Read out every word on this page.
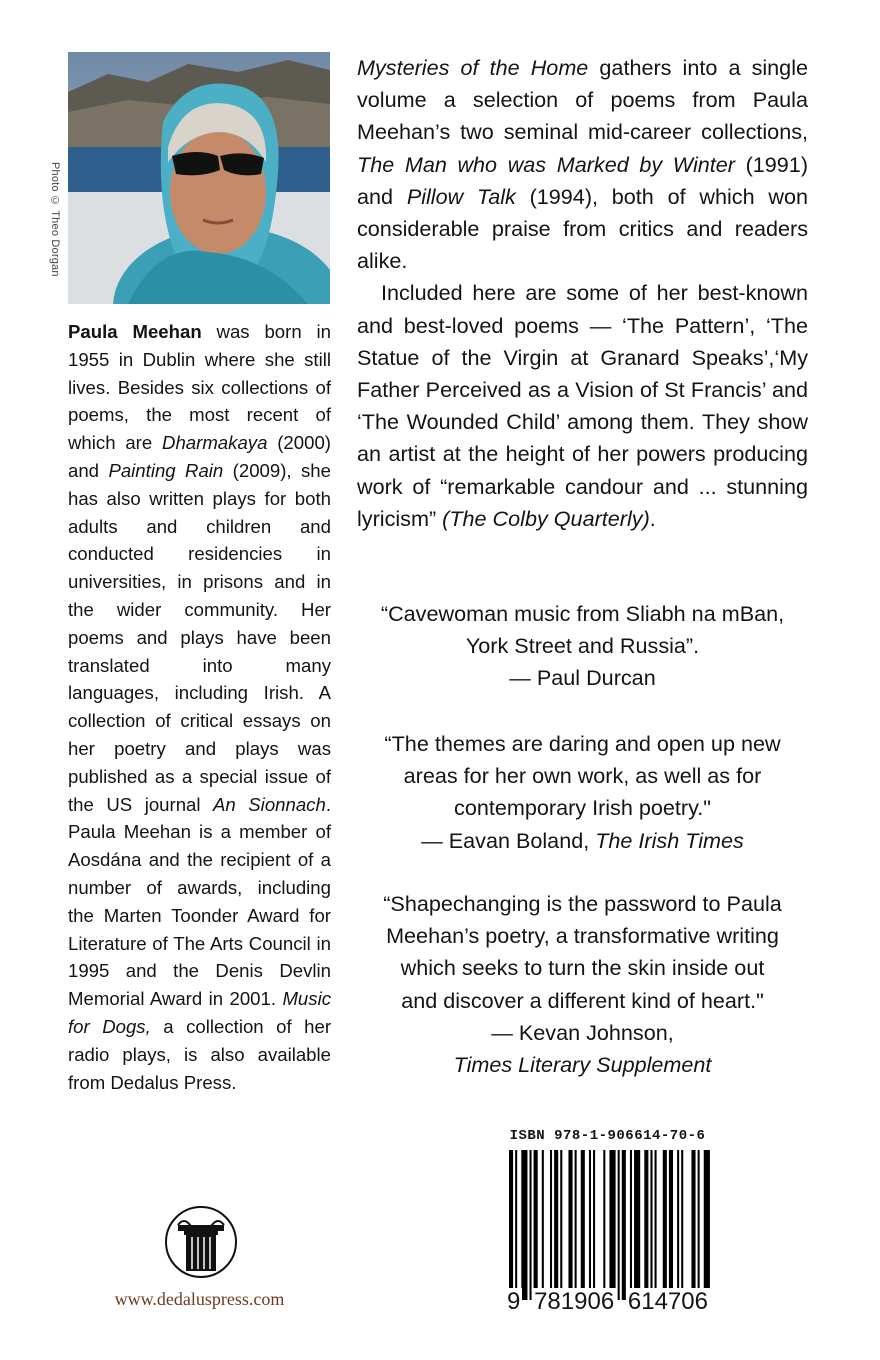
Photo © Theo Dorgan

Paula Meehan was born in 1955 in Dublin where she still lives. Besides six collections of poems, the most recent of which are Dharmakaya (2000) and Painting Rain (2009), she has also written plays for both adults and children and conducted residencies in universities, in prisons and in the wider community. Her poems and plays have been translated into many languages, including Irish. A collection of critical essays on her poetry and plays was published as a special issue of the US journal An Sionnach. Paula Meehan is a member of Aosdána and the recipient of a number of awards, including the Marten Toonder Award for Literature of The Arts Council in 1995 and the Denis Devlin Memorial Award in 2001. Music for Dogs, a collection of her radio plays, is also available from Dedalus Press.

www.dedaluspress.com

Mysteries of the Home gathers into a single volume a selection of poems from Paula Meehan’s two seminal mid-career collections, The Man who was Marked by Winter (1991) and Pillow Talk (1994), both of which won considerable praise from critics and readers alike.

Included here are some of her best-known and best-loved poems — ‘The Pattern’, ‘The Statue of the Virgin at Granard Speaks’,‘My Father Perceived as a Vision of St Francis’ and ‘The Wounded Child’ among them. They show an artist at the height of her powers producing work of “remarkable candour and ... stunning lyricism” (The Colby Quarterly).

“Cavewoman music from Sliabh na mBan,
York Street and Russia”.
— Paul Durcan
“The themes are daring and open up new
areas for her own work, as well as for
contemporary Irish poetry."
— Eavan Boland, The Irish Times
“Shapechanging is the password to Paula
Meehan’s poetry, a transformative writing
which seeks to turn the skin inside out
and discover a different kind of heart."
— Kevan Johnson,
Times Literary Supplement
ISBN 978-1-906614-70-6
9 781906 614706
